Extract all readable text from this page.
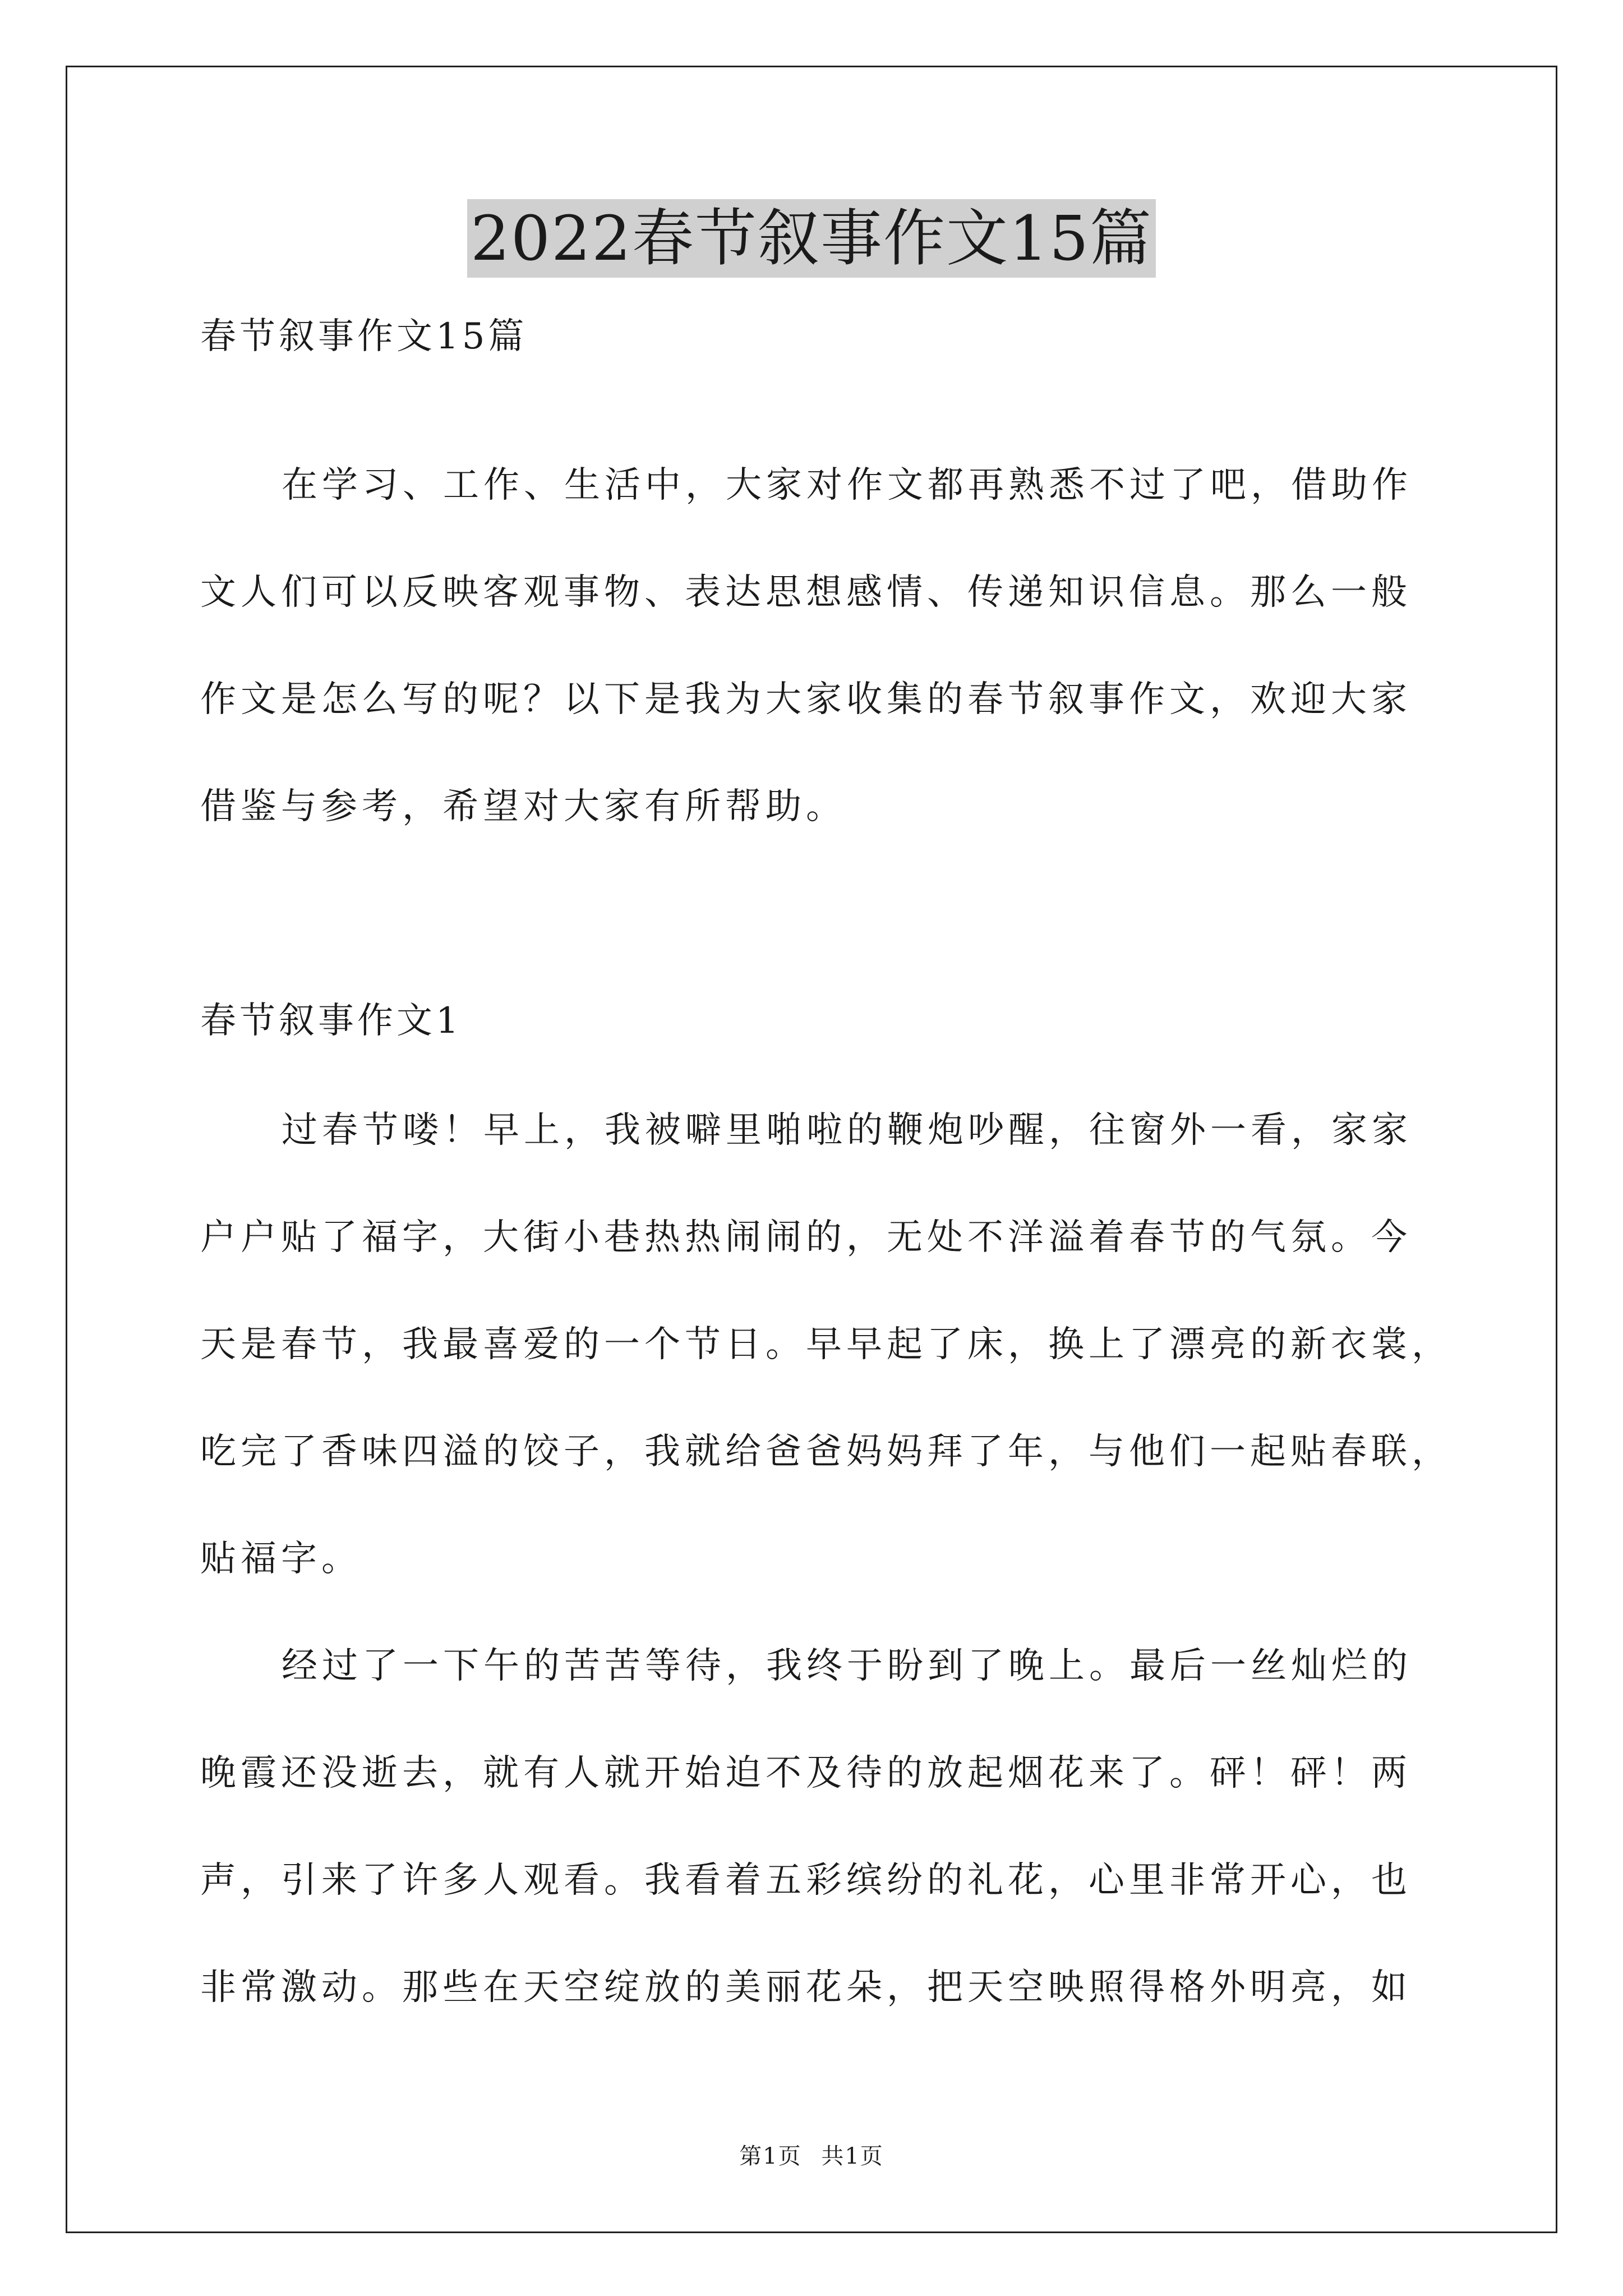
2022春节叙事作文15篇
春节叙事作文15篇
在学习、工作、生活中，大家对作文都再熟悉不过了吧，借助作
文人们可以反映客观事物、表达思想感情、传递知识信息。那么一般
作文是怎么写的呢？以下是我为大家收集的春节叙事作文，欢迎大家
借鉴与参考，希望对大家有所帮助。
春节叙事作文1
过春节喽！早上，我被噼里啪啦的鞭炮吵醒，往窗外一看，家家
户户贴了福字，大街小巷热热闹闹的，无处不洋溢着春节的气氛。今
天是春节，我最喜爱的一个节日。早早起了床，换上了漂亮的新衣裳，
吃完了香味四溢的饺子，我就给爸爸妈妈拜了年，与他们一起贴春联，
贴福字。
经过了一下午的苦苦等待，我终于盼到了晚上。最后一丝灿烂的
晚霞还没逝去，就有人就开始迫不及待的放起烟花来了。砰！砰！两
声，引来了许多人观看。我看着五彩缤纷的礼花，心里非常开心，也
非常激动。那些在天空绽放的美丽花朵，把天空映照得格外明亮，如
第1页 共1页
